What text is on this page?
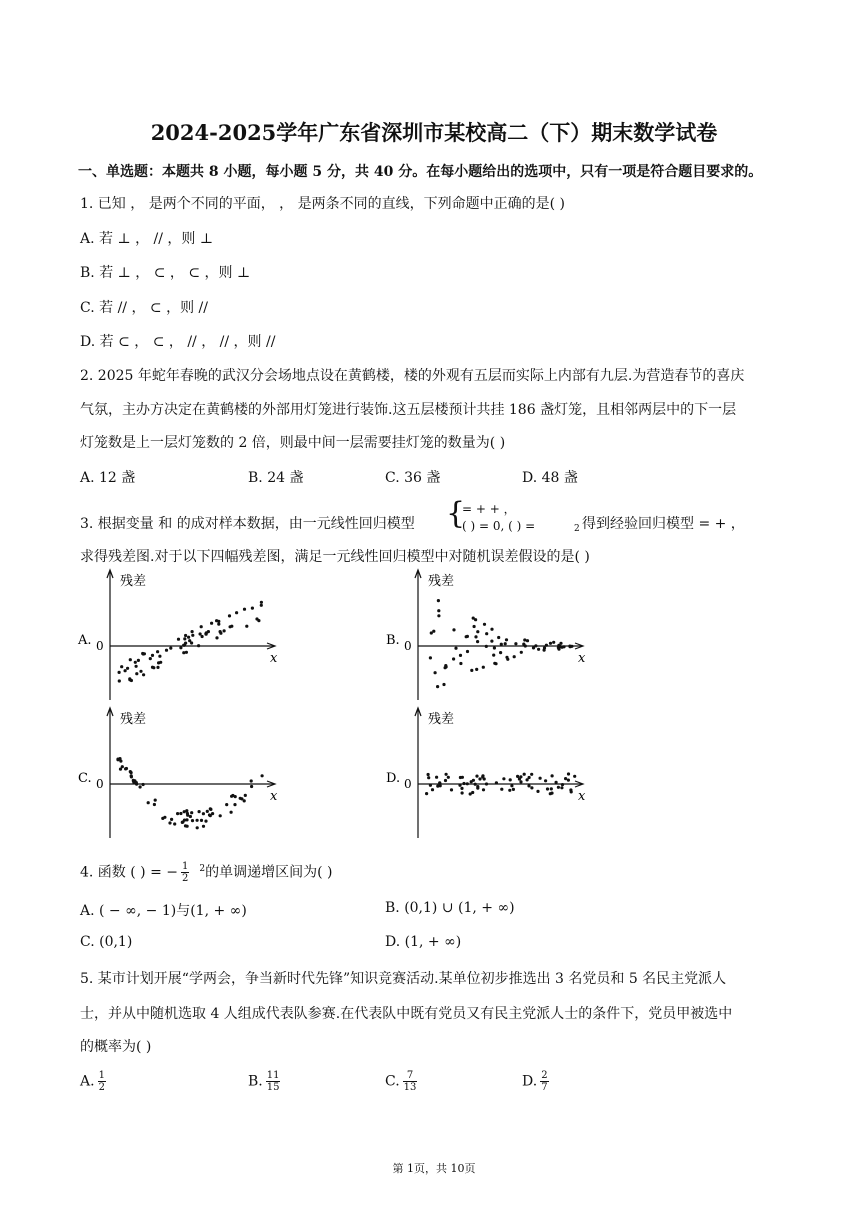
2024-2025学年广东省深圳市某校高二（下）期末数学试卷
一、单选题：本题共 8 小题，每小题 5 分，共 40 分。在每小题给出的选项中，只有一项是符合题目要求的。
1. 已知 ， 是两个不同的平面， ， 是两条不同的直线，下列命题中正确的是( )
A. 若 ⊥ ， // ，则 ⊥
B. 若 ⊥ ， ⊂ ， ⊂ ，则 ⊥
C. 若 // ， ⊂ ，则 //
D. 若 ⊂ ， ⊂ ， // ， // ，则 //
2. 2025 年蛇年春晚的武汉分会场地点设在黄鹤楼，楼的外观有五层而实际上内部有九层.为营造春节的喜庆
气氛，主办方决定在黄鹤楼的外部用灯笼进行装饰.这五层楼预计共挂 186 盏灯笼，且相邻两层中的下一层
灯笼数是上一层灯笼数的 2 倍，则最中间一层需要挂灯笼的数量为( )
A. 12 盏	B. 24 盏	C. 36 盏	D. 48 盏
3. 根据变量 和 的成对样本数据，由一元线性回归模型 {
= + + ，
( ) = 0, ( ) =	2 得到经验回归模型 = + ，
求得残差图.对于以下四幅残差图，满足一元线性回归模型中对随机误差假设的是( )
A. 0
残差
x
B. 0
残差
x
C. 0
残差
x
D. 0
残差
x
4. 函数 ( ) = − $\frac{1}{2} ^2$的单调递增区间为( )
A. ( − ∞, − 1)与(1, + ∞)	B. (0,1) ∪ (1, + ∞)
C. (0,1)	D. (1, + ∞)
5. 某市计划开展“学两会，争当新时代先锋”知识竞赛活动.某单位初步推选出 3 名党员和 5 名民主党派人
士，并从中随机选取 4 人组成代表队参赛.在代表队中既有党员又有民主党派人士的条件下，党员甲被选中
的概率为( )
A. $\frac{1}{2}$	B. $\frac{11}{15}$	C. $\frac{7}{13}$	D. $\frac{2}{7}$
第 1页，共 10页
